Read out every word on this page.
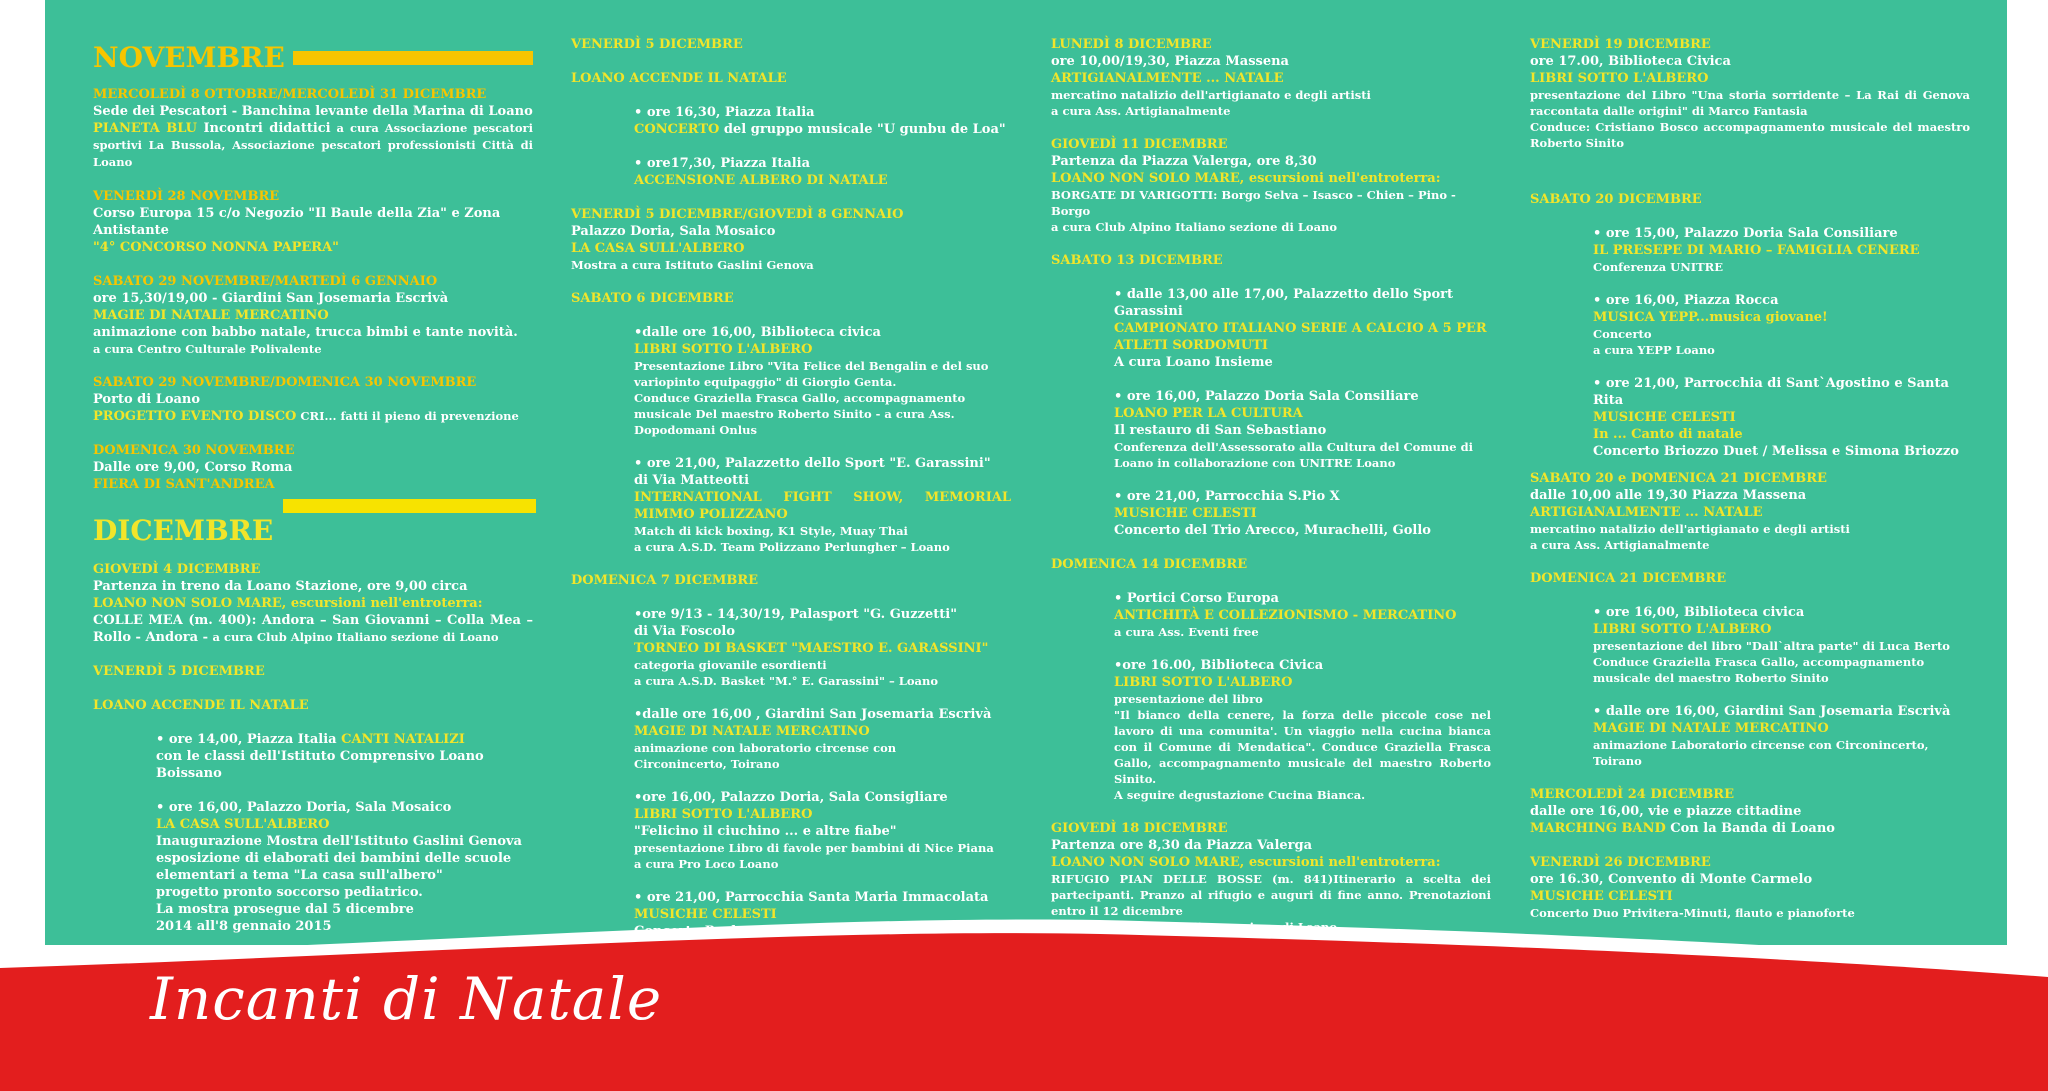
Incanti di Natale
NOVEMBRE

MERCOLEDÌ 8 OTTOBRE/MERCOLEDÌ 31 DICEMBRE

Sede dei Pescatori - Banchina levante della Marina di Loano

PIANETA BLU Incontri didattici a cura Associazione pescatori sportivi La Bussola, Associazione pescatori professionisti Città di Loano

VENERDÌ 28 NOVEMBRE

Corso Europa 15 c/o Negozio "Il Baule della Zia" e Zona Antistante

"4° CONCORSO NONNA PAPERA"

SABATO 29 NOVEMBRE/MARTEDÌ 6 GENNAIO

ore 15,30/19,00 - Giardini San Josemaria Escrivà

MAGIE DI NATALE MERCATINO

animazione con babbo natale, trucca bimbi e tante novità.

a cura Centro Culturale Polivalente

SABATO 29 NOVEMBRE/DOMENICA 30 NOVEMBRE

Porto di Loano

PROGETTO EVENTO DISCO CRI... fatti il pieno di prevenzione

DOMENICA 30 NOVEMBRE

Dalle ore 9,00, Corso Roma

FIERA DI SANT'ANDREA

DICEMBRE

GIOVEDÌ 4 DICEMBRE

Partenza in treno da Loano Stazione, ore 9,00 circa

LOANO NON SOLO MARE, escursioni nell'entroterra:

COLLE MEA (m. 400): Andora – San Giovanni – Colla Mea – Rollo - Andora - a cura Club Alpino Italiano sezione di Loano

VENERDÌ 5 DICEMBRE

LOANO ACCENDE IL NATALE

• ore 14,00, Piazza Italia CANTI NATALIZI

con le classi dell'Istituto Comprensivo Loano Boissano

• ore 16,00, Palazzo Doria, Sala Mosaico

LA CASA SULL'ALBERO

Inaugurazione Mostra dell'Istituto Gaslini Genova esposizione di elaborati dei bambini delle scuole elementari a tema "La casa sull'albero"

progetto pronto soccorso pediatrico.

La mostra prosegue dal 5 dicembre

2014 all'8 gennaio 2015

VENERDÌ 5 DICEMBRE

LOANO ACCENDE IL NATALE

• ore 16,30, Piazza Italia

CONCERTO del gruppo musicale "U gunbu de Loa"

• ore17,30, Piazza Italia

ACCENSIONE ALBERO DI NATALE

VENERDÌ 5 DICEMBRE/GIOVEDÌ 8 GENNAIO

Palazzo Doria, Sala Mosaico

LA CASA SULL'ALBERO

Mostra a cura Istituto Gaslini Genova

SABATO 6 DICEMBRE

•dalle ore 16,00, Biblioteca civica

LIBRI SOTTO L'ALBERO

Presentazione Libro "Vita Felice del Bengalin e del suo variopinto equipaggio" di Giorgio Genta.

Conduce Graziella Frasca Gallo, accompagnamento musicale Del maestro Roberto Sinito - a cura Ass. Dopodomani Onlus

• ore 21,00, Palazzetto dello Sport "E. Garassini"

di Via Matteotti

INTERNATIONAL FIGHT SHOW, MEMORIAL MIMMO POLIZZANO

Match di kick boxing, K1 Style, Muay Thai

a cura A.S.D. Team Polizzano Perlungher – Loano

DOMENICA 7 DICEMBRE

•ore 9/13 - 14,30/19, Palasport "G. Guzzetti"

di Via Foscolo

TORNEO DI BASKET "MAESTRO E. GARASSINI"

categoria giovanile esordienti

a cura A.S.D. Basket "M.° E. Garassini" – Loano

•dalle ore 16,00 , Giardini San Josemaria Escrivà

MAGIE DI NATALE MERCATINO

animazione con laboratorio circense con

Circonincerto, Toirano

•ore 16,00, Palazzo Doria, Sala Consigliare

LIBRI SOTTO L'ALBERO

"Felicino il ciuchino ... e altre fiabe"

presentazione Libro di favole per bambini di Nice Piana

a cura Pro Loco Loano

• ore 21,00, Parrocchia Santa Maria Immacolata

MUSICHE CELESTI

Concerto Paola Arecco

LUNEDÌ 8 DICEMBRE

ore 10,00/19,30, Piazza Massena

ARTIGIANALMENTE ... NATALE

mercatino natalizio dell'artigianato e degli artisti

a cura Ass. Artigianalmente

GIOVEDÌ 11 DICEMBRE

Partenza da Piazza Valerga, ore 8,30

LOANO NON SOLO MARE, escursioni nell'entroterra:

BORGATE DI VARIGOTTI: Borgo Selva – Isasco – Chien – Pino - Borgo

a cura Club Alpino Italiano sezione di Loano

SABATO 13 DICEMBRE

• dalle 13,00 alle 17,00, Palazzetto dello Sport Garassini

CAMPIONATO ITALIANO SERIE A CALCIO A 5 PER ATLETI SORDOMUTI

A cura Loano Insieme

• ore 16,00, Palazzo Doria Sala Consiliare

LOANO PER LA CULTURA

Il restauro di San Sebastiano

Conferenza dell'Assessorato alla Cultura del Comune di Loano in collaborazione con UNITRE Loano

• ore 21,00, Parrocchia S.Pio X

MUSICHE CELESTI

Concerto del Trio Arecco, Murachelli, Gollo

DOMENICA 14 DICEMBRE

• Portici Corso Europa

ANTICHITÀ E COLLEZIONISMO - MERCATINO

a cura Ass. Eventi free

•ore 16.00, Biblioteca Civica

LIBRI SOTTO L'ALBERO

presentazione del libro

"Il bianco della cenere, la forza delle piccole cose nel lavoro di una comunita'. Un viaggio nella cucina bianca con il Comune di Mendatica". Conduce Graziella Frasca Gallo, accompagnamento musicale del maestro Roberto Sinito.

A seguire degustazione Cucina Bianca.

GIOVEDÌ 18 DICEMBRE

Partenza ore 8,30 da Piazza Valerga

LOANO NON SOLO MARE, escursioni nell'entroterra:

RIFUGIO PIAN DELLE BOSSE (m. 841)Itinerario a scelta dei partecipanti. Pranzo al rifugio e auguri di fine anno. Prenotazioni entro il 12 dicembre

a cura Club Alpino Italiano sezione di Loano

VENERDÌ 19 DICEMBRE

ore 17.00, Biblioteca Civica

LIBRI SOTTO L'ALBERO

presentazione del Libro "Una storia sorridente – La Rai di Genova raccontata dalle origini" di Marco Fantasia

Conduce: Cristiano Bosco accompagnamento musicale del maestro Roberto Sinito

SABATO 20 DICEMBRE

• ore 15,00, Palazzo Doria Sala Consiliare

IL PRESEPE DI MARIO – FAMIGLIA CENERE

Conferenza UNITRE

• ore 16,00, Piazza Rocca

MUSICA YEPP...musica giovane!

Concerto

a cura YEPP Loano

• ore 21,00, Parrocchia di Sant`Agostino e Santa Rita

MUSICHE CELESTI

In ... Canto di natale

Concerto Briozzo Duet / Melissa e Simona Briozzo

SABATO 20 e DOMENICA 21 DICEMBRE

dalle 10,00 alle 19,30 Piazza Massena

ARTIGIANALMENTE ... NATALE

mercatino natalizio dell'artigianato e degli artisti

a cura Ass. Artigianalmente

DOMENICA 21 DICEMBRE

• ore 16,00, Biblioteca civica

LIBRI SOTTO L'ALBERO

presentazione del libro "Dall`altra parte" di Luca Berto

Conduce Graziella Frasca Gallo, accompagnamento musicale del maestro Roberto Sinito

• dalle ore 16,00, Giardini San Josemaria Escrivà

MAGIE DI NATALE MERCATINO

animazione Laboratorio circense con Circonincerto, Toirano

MERCOLEDÌ 24 DICEMBRE

dalle ore 16,00, vie e piazze cittadine

MARCHING BAND Con la Banda di Loano

VENERDÌ 26 DICEMBRE

ore 16.30, Convento di Monte Carmelo

MUSICHE CELESTI

Concerto Duo Privitera-Minuti, flauto e pianoforte
